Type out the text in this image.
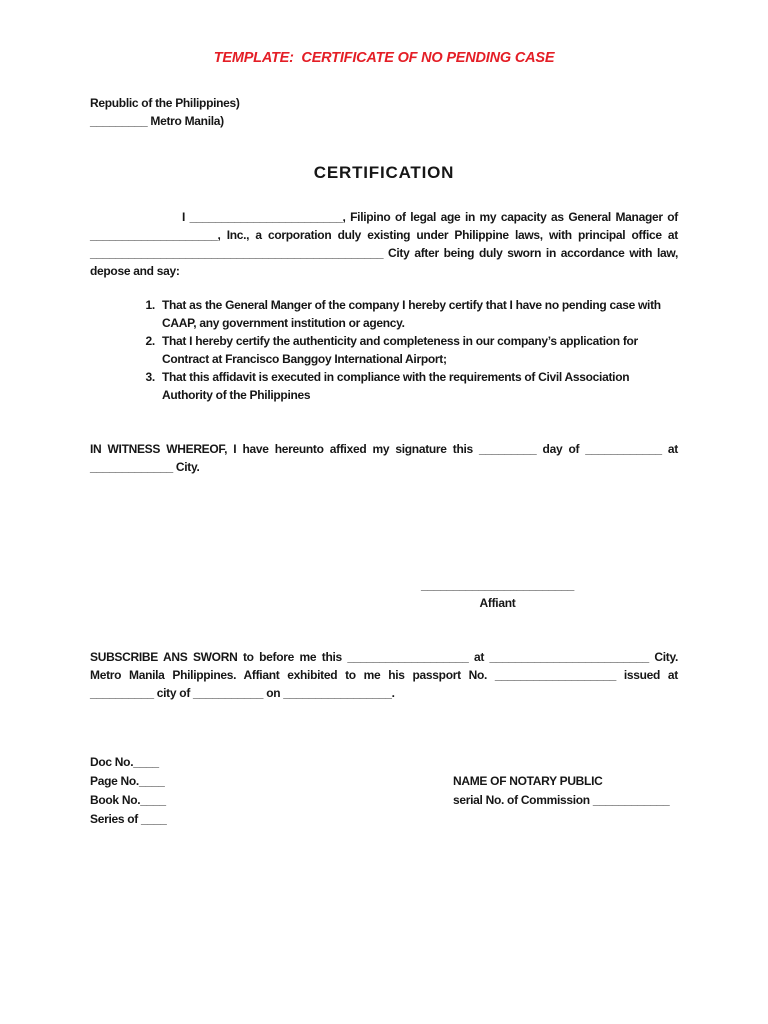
TEMPLATE:  CERTIFICATE OF NO PENDING CASE
Republic of the Philippines)
_________ Metro Manila)
CERTIFICATION

I ________________________, Filipino of legal age in my capacity as General Manager of ____________________, Inc., a corporation duly existing under Philippine laws, with principal office at ______________________________________________ City after being duly sworn in accordance with law, depose and say:

1. That as the General Manger of the company I hereby certify that I have no pending case with CAAP, any government institution or agency.
2. That I hereby certify the authenticity and completeness in our company’s application for Contract at Francisco Banggoy International Airport;
3. That this affidavit is executed in compliance with the requirements of Civil Association Authority of the Philippines

IN WITNESS WHEREOF, I have hereunto affixed my signature this _________ day of ____________ at _____________ City.

________________________
Affiant

SUBSCRIBE ANS SWORN to before me this ___________________ at _________________________ City. Metro Manila Philippines. Affiant exhibited to me his passport No. ___________________ issued at __________ city of ___________ on _________________.

Doc No.____
Page No.____
Book No.____
Series of ____
NAME OF NOTARY PUBLIC
serial No. of Commission ____________
